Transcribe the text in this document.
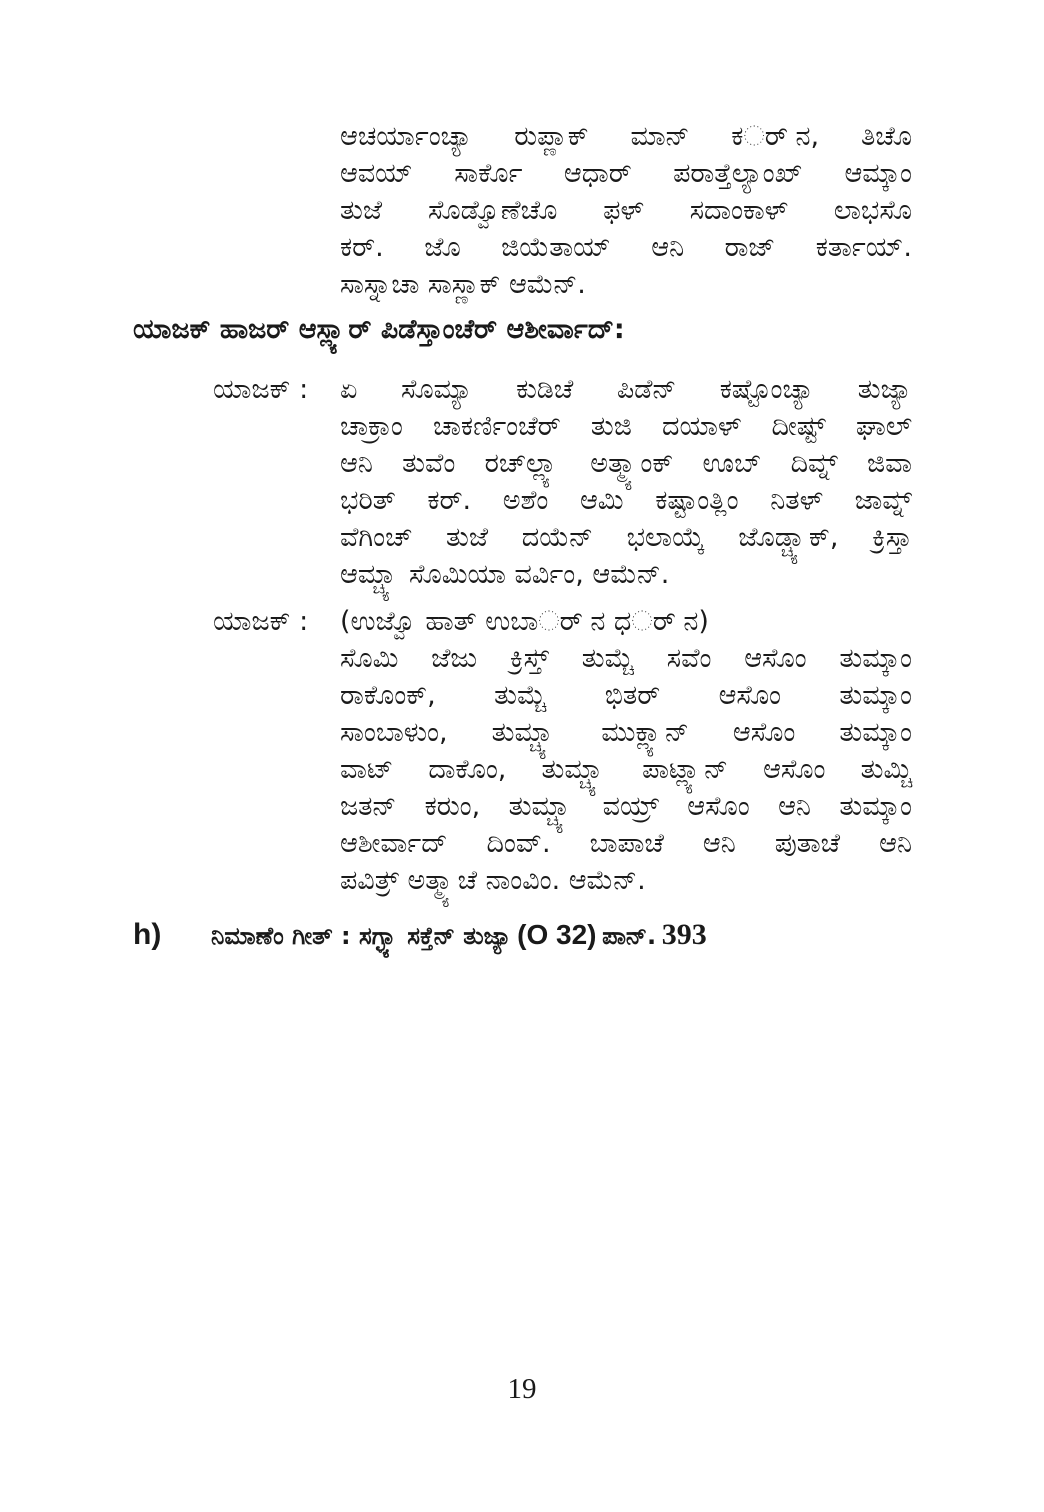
ಆಚರ್ಯಾಂಚ್ಯಾ ರುಪ್ಣಾಕ್ ಮಾನ್ ಕರ್‍್ನ, ತಿಚೊ
ಆವಯ್ ಸಾರ್ಕೊ ಆಧಾರ್ ಪರಾತ್ತೆಲ್ಯಾಂಖ್ ಆಮ್ಕಾಂ
ತುಜೆ ಸೊಡ್ವೊಣೆಚೊ ಫಳ್ ಸದಾಂಕಾಳ್ ಲಾಭಸೊ
ಕರ್. ಜೊ ಜಿಯೆತಾಯ್ ಆನಿ ರಾಜ್ ಕರ್ತಾಯ್.
ಸಾಸ್ನಾಚಾ ಸಾಸ್ಣಾಕ್ ಆಮೆನ್.
ಯಾಜಕ್ ಹಾಜರ್ ಆಸ್ಲ್ಯಾರ್ ಪಿಡೆಸ್ತಾಂಚೆರ್ ಆಶೀರ್ವಾದ್:
ಯಾಜಕ್ : ಏ ಸೊಮ್ಯಾ ಕುಡಿಚೆ ಪಿಡೆನ್ ಕಷ್ಟೊಂಚ್ಯಾ ತುಜ್ಯಾ
ಚಾಕ್ರಾಂ ಚಾಕರ್ಣಿಂಚೆರ್ ತುಜಿ ದಯಾಳ್ ದೀಷ್ಟ್ ಘಾಲ್
ಆನಿ ತುವೆಂ ರಚ್‌ಲ್ಲ್ಯಾ ಅತ್ಮ್ಯಾಂಕ್ ಊಬ್ ದಿವ್ನ್ ಜಿವಾ
ಭರಿತ್ ಕರ್. ಅಶೆಂ ಆಮಿ ಕಷ್ಟಾಂತ್ಲಿಂ ನಿತಳ್ ಜಾವ್ನ್
ವೆಗಿಂಚ್ ತುಜೆ ದಯೆನ್ ಭಲಾಯ್ಕೆ ಜೊಡ್ಚ್ಯಾಕ್, ಕ್ರಿಸ್ತಾ
ಆಮ್ಚ್ಯಾ ಸೊಮಿಯಾ ವರ್ವಿಂ, ಆಮೆನ್.
ಯಾಜಕ್ : (ಉಜ್ವೊ ಹಾತ್ ಉಬಾರ್‍್ನ ಧರ್‍್ನ)
ಸೊಮಿ ಜೆಜು ಕ್ರಿಸ್ತ್ ತುಮ್ಚೆ ಸವೆಂ ಆಸೊಂ ತುಮ್ಕಾಂ
ರಾಕೊಂಕ್, ತುಮ್ಚೆ ಭಿತರ್ ಆಸೊಂ ತುಮ್ಕಾಂ
ಸಾಂಬಾಳುಂ, ತುಮ್ಚ್ಯಾ ಮುಕ್ಲ್ಯಾನ್ ಆಸೊಂ ತುಮ್ಕಾಂ
ವಾಟ್ ದಾಕೊಂ, ತುಮ್ಚ್ಯಾ ಪಾಟ್ಲ್ಯಾನ್ ಆಸೊಂ ತುಮ್ಚಿ
ಜತನ್ ಕರುಂ, ತುಮ್ಚ್ಯಾ ವಯ್ರ್ ಆಸೊಂ ಆನಿ ತುಮ್ಕಾಂ
ಆಶೀರ್ವಾದ್ ದಿಂವ್. ಬಾಪಾಚೆ ಆನಿ ಪುತಾಚೆ ಆನಿ
ಪವಿತ್ರ್ ಅತ್ಮ್ಯಾಚೆ ನಾಂವಿಂ. ಆಮೆನ್.
h) ನಿಮಾಣೆಂ ಗೀತ್ : ಸಗ್ಳ್ಯಾ ಸಕ್ತೆನ್ ತುಜ್ಯಾ (O 32) ಪಾನ್. 393
19
